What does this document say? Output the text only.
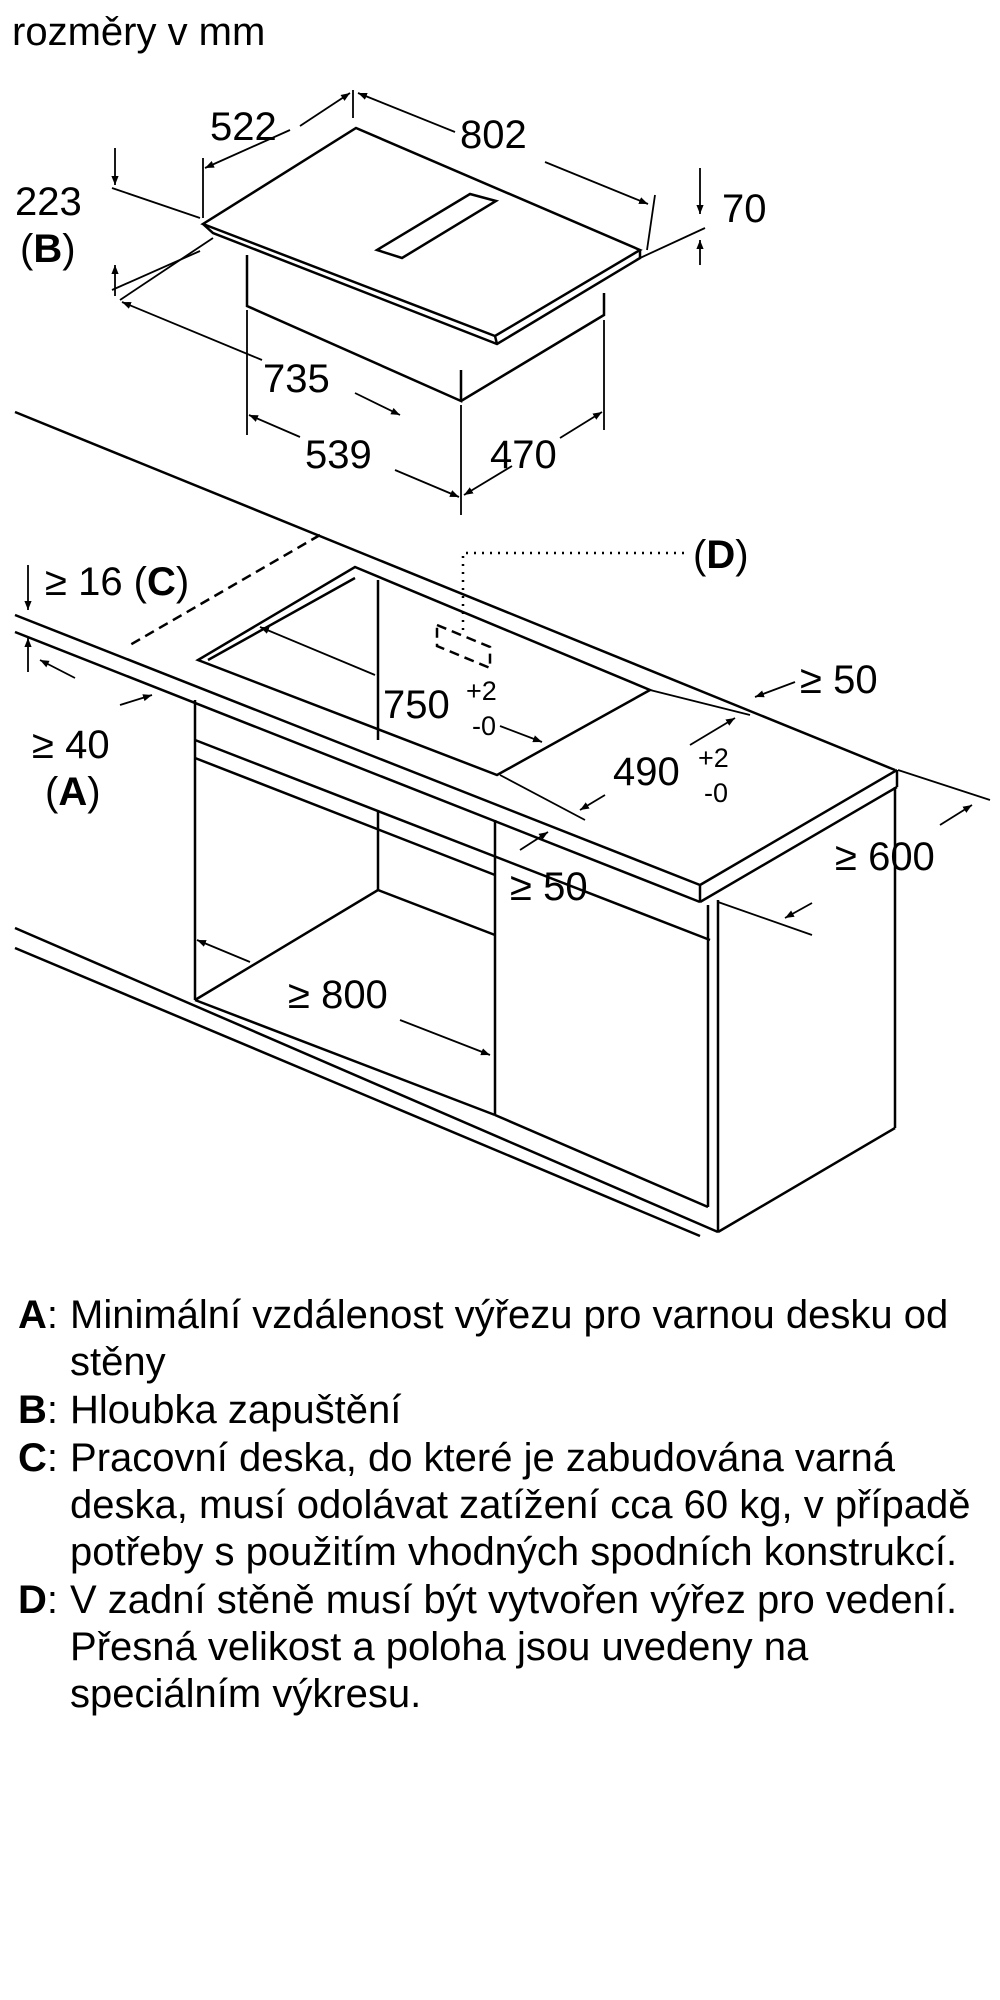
rozměry v mm
522	802
70
223
(B)
735
539	470
≥ 16 (C)
(D)
≥ 40
(A)
750 +2
-0
490 +2
-0
≥ 50
≥ 50
≥ 600
≥ 800
A : Minimální vzdálenost výřezu pro varnou desku od stěny
B : Hloubka zapuštění
C : Pracovní deska, do které je zabudována varná deska, musí odolávat zatížení cca 60 kg, v případě potřeby s použitím vhodných spodních konstrukcí.
D : V zadní stěně musí být vytvořen výřez pro vedení. Přesná velikost a poloha jsou uvedeny na speciálním výkresu.
